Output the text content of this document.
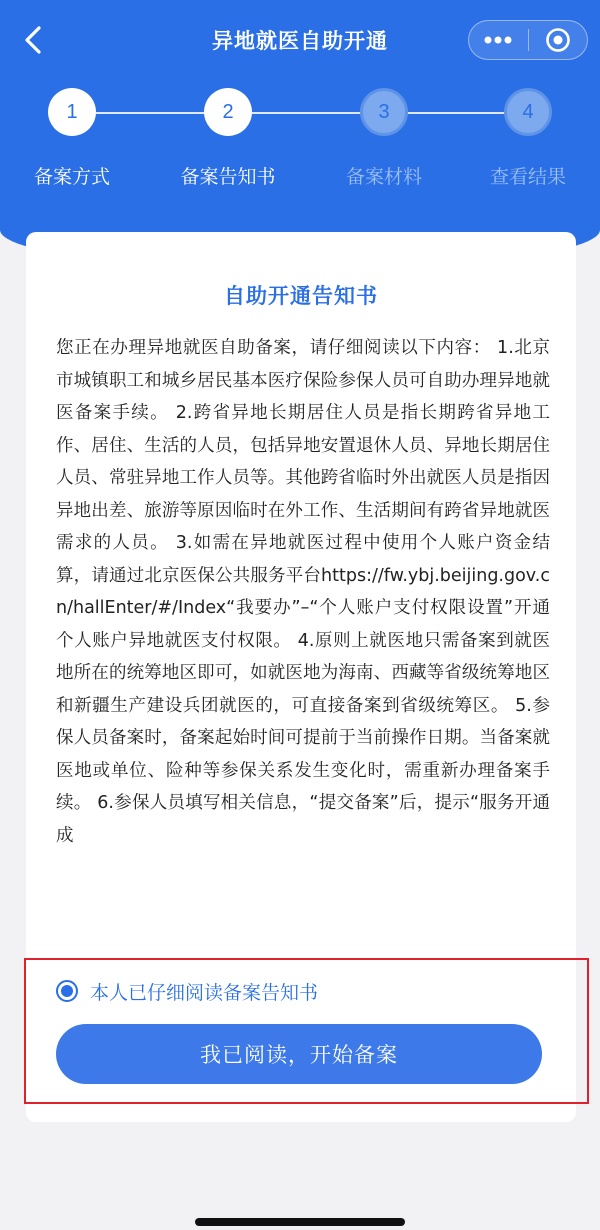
异地就医自助开通
1	2	3	4
备案方式	备案告知书	备案材料	查看结果
自助开通告知书
您正在办理异地就医自助备案，请仔细阅读以下内容： 1.北京市城镇职工和城乡居民基本医疗保险参保人员可自助办理异地就医备案手续。 2.跨省异地长期居住人员是指长期跨省异地工作、居住、生活的人员，包括异地安置退休人员、异地长期居住人员、常驻异地工作人员等。其他跨省临时外出就医人员是指因异地出差、旅游等原因临时在外工作、生活期间有跨省异地就医需求的人员。 3.如需在异地就医过程中使用个人账户资金结算，请通过北京医保公共服务平台https://fw.ybj.beijing.gov.cn/hallEnter/#/Index“我要办”–“个人账户支付权限设置”开通个人账户异地就医支付权限。 4.原则上就医地只需备案到就医地所在的统筹地区即可，如就医地为海南、西藏等省级统筹地区和新疆生产建设兵团就医的，可直接备案到省级统筹区。 5.参保人员备案时，备案起始时间可提前于当前操作日期。当备案就医地或单位、险种等参保关系发生变化时，需重新办理备案手续。 6.参保人员填写相关信息，“提交备案”后，提示“服务开通成
本人已仔细阅读备案告知书
我已阅读，开始备案
